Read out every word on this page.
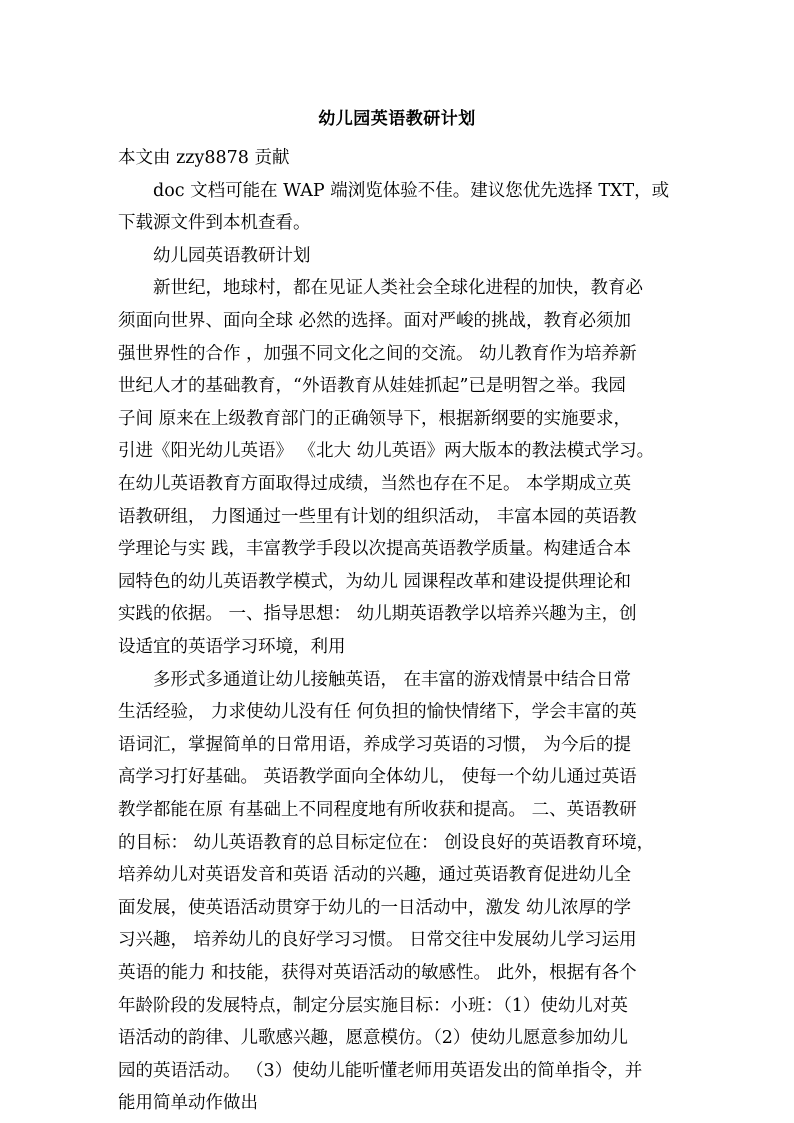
幼儿园英语教研计划
本文由 zzy8878 贡献
　　doc 文档可能在 WAP 端浏览体验不佳。建议您优先选择 TXT，或
下载源文件到本机查看。
　　幼儿园英语教研计划
　　新世纪，地球村，都在见证人类社会全球化进程的加快，教育必
须面向世界、面向全球 必然的选择。面对严峻的挑战，教育必须加
强世界性的合作 ，加强不同文化之间的交流。 幼儿教育作为培养新
世纪人才的基础教育，“外语教育从娃娃抓起”已是明智之举。我园
子间 原来在上级教育部门的正确领导下，根据新纲要的实施要求，
引进《阳光幼儿英语》 《北大 幼儿英语》两大版本的教法模式学习。
在幼儿英语教育方面取得过成绩，当然也存在不足。 本学期成立英
语教研组， 力图通过一些里有计划的组织活动， 丰富本园的英语教
学理论与实 践，丰富教学手段以次提高英语教学质量。构建适合本
园特色的幼儿英语教学模式，为幼儿 园课程改革和建设提供理论和
实践的依据。 一、指导思想： 幼儿期英语教学以培养兴趣为主，创
设适宜的英语学习环境，利用
　　多形式多通道让幼儿接触英语， 在丰富的游戏情景中结合日常
生活经验， 力求使幼儿没有任 何负担的愉快情绪下，学会丰富的英
语词汇，掌握简单的日常用语，养成学习英语的习惯， 为今后的提
高学习打好基础。 英语教学面向全体幼儿， 使每一个幼儿通过英语
教学都能在原 有基础上不同程度地有所收获和提高。 二、英语教研
的目标： 幼儿英语教育的总目标定位在： 创设良好的英语教育环境，
培养幼儿对英语发音和英语 活动的兴趣，通过英语教育促进幼儿全
面发展，使英语活动贯穿于幼儿的一日活动中，激发 幼儿浓厚的学
习兴趣， 培养幼儿的良好学习习惯。 日常交往中发展幼儿学习运用
英语的能力 和技能，获得对英语活动的敏感性。 此外，根据有各个
年龄阶段的发展特点，制定分层实施目标：小班：（1）使幼儿对英
语活动的韵律、儿歌感兴趣，愿意模仿。（2）使幼儿愿意参加幼儿
园的英语活动。 （3）使幼儿能听懂老师用英语发出的简单指令，并
能用简单动作做出
